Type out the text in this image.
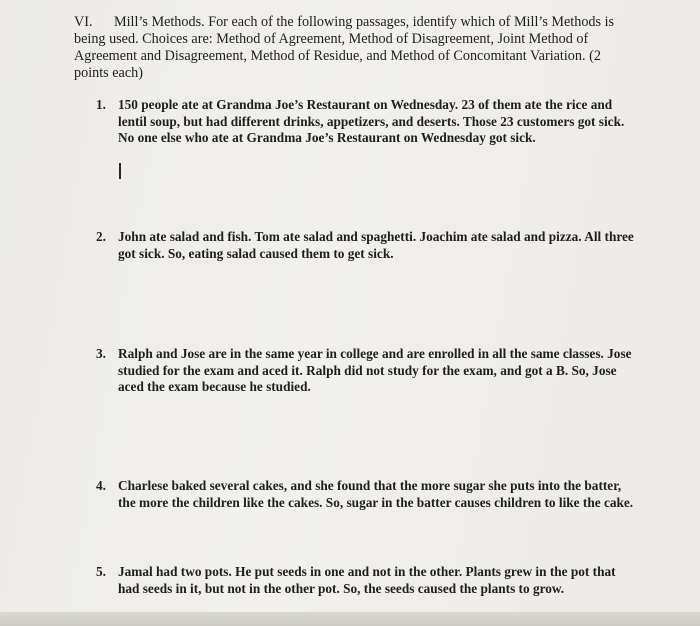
VI. Mill’s Methods. For each of the following passages, identify which of Mill’s Methods is being used. Choices are: Method of Agreement, Method of Disagreement, Joint Method of Agreement and Disagreement, Method of Residue, and Method of Concomitant Variation. (2 points each)
1. 150 people ate at Grandma Joe’s Restaurant on Wednesday. 23 of them ate the rice and lentil soup, but had different drinks, appetizers, and deserts. Those 23 customers got sick. No one else who ate at Grandma Joe’s Restaurant on Wednesday got sick.
2. John ate salad and fish. Tom ate salad and spaghetti. Joachim ate salad and pizza. All three got sick. So, eating salad caused them to get sick.
3. Ralph and Jose are in the same year in college and are enrolled in all the same classes. Jose studied for the exam and aced it. Ralph did not study for the exam, and got a B. So, Jose aced the exam because he studied.
4. Charlese baked several cakes, and she found that the more sugar she puts into the batter, the more the children like the cakes. So, sugar in the batter causes children to like the cake.
5. Jamal had two pots. He put seeds in one and not in the other. Plants grew in the pot that had seeds in it, but not in the other pot. So, the seeds caused the plants to grow.
